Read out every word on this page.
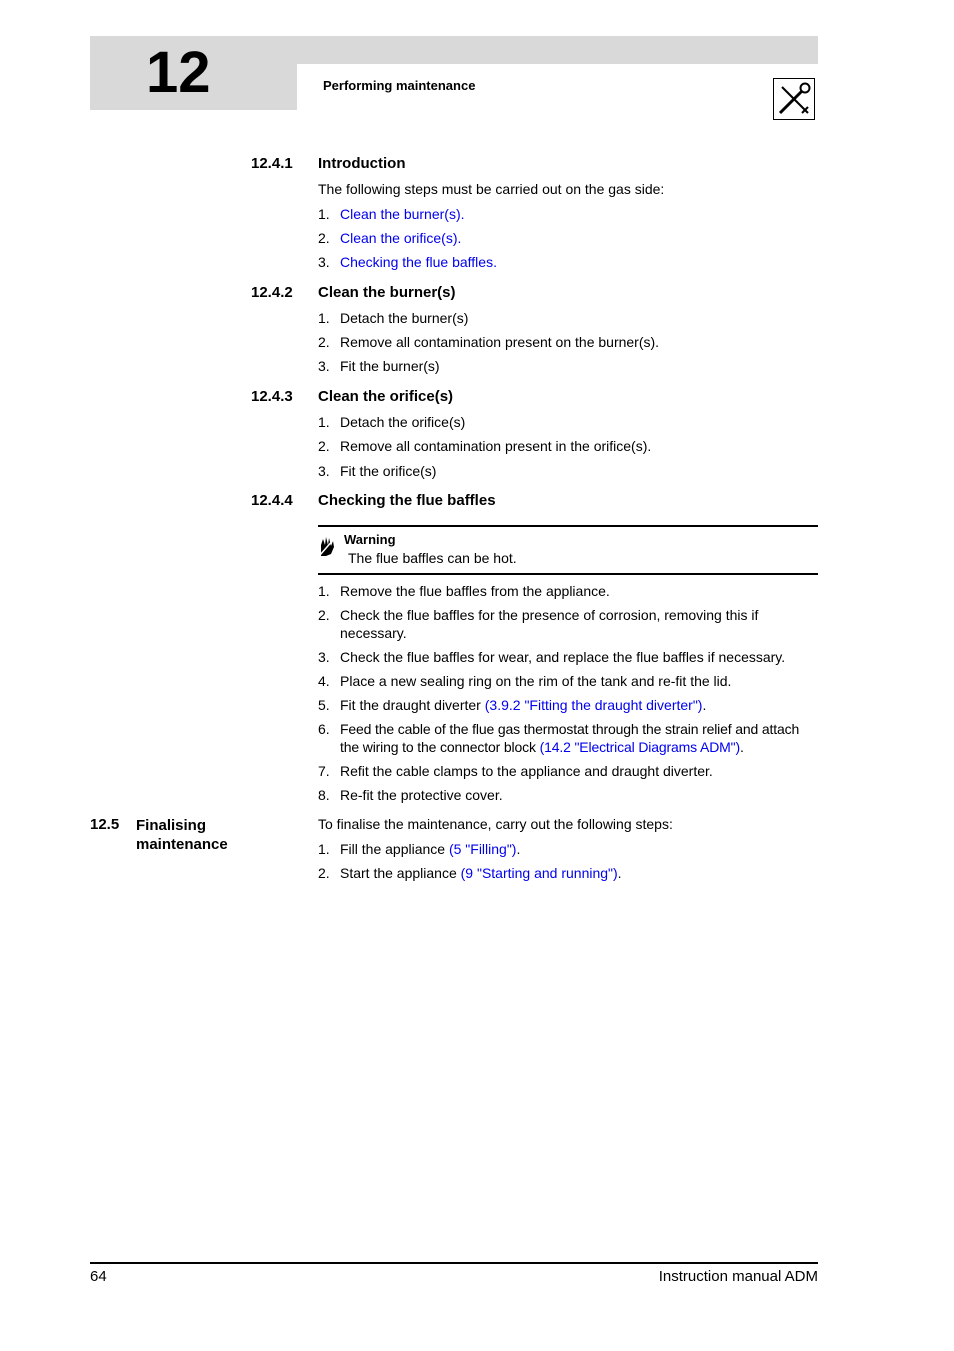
12	Performing maintenance
12.4.1 Introduction
The following steps must be carried out on the gas side:
1. Clean the burner(s).
2. Clean the orifice(s).
3. Checking the flue baffles.
12.4.2 Clean the burner(s)
1. Detach the burner(s)
2. Remove all contamination present on the burner(s).
3. Fit the burner(s)
12.4.3 Clean the orifice(s)
1. Detach the orifice(s)
2. Remove all contamination present in the orifice(s).
3. Fit the orifice(s)
12.4.4 Checking the flue baffles
Warning
The flue baffles can be hot.
1. Remove the flue baffles from the appliance.
2. Check the flue baffles for the presence of corrosion, removing this if necessary.
3. Check the flue baffles for wear, and replace the flue baffles if necessary.
4. Place a new sealing ring on the rim of the tank and re-fit the lid.
5. Fit the draught diverter (3.9.2 "Fitting the draught diverter").
6. Feed the cable of the flue gas thermostat through the strain relief and attach the wiring to the connector block (14.2 "Electrical Diagrams ADM").
7. Refit the cable clamps to the appliance and draught diverter.
8. Re-fit the protective cover.
12.5 Finalising maintenance
To finalise the maintenance, carry out the following steps:
1. Fill the appliance (5 "Filling").
2. Start the appliance (9 "Starting and running").
64	Instruction manual ADM
